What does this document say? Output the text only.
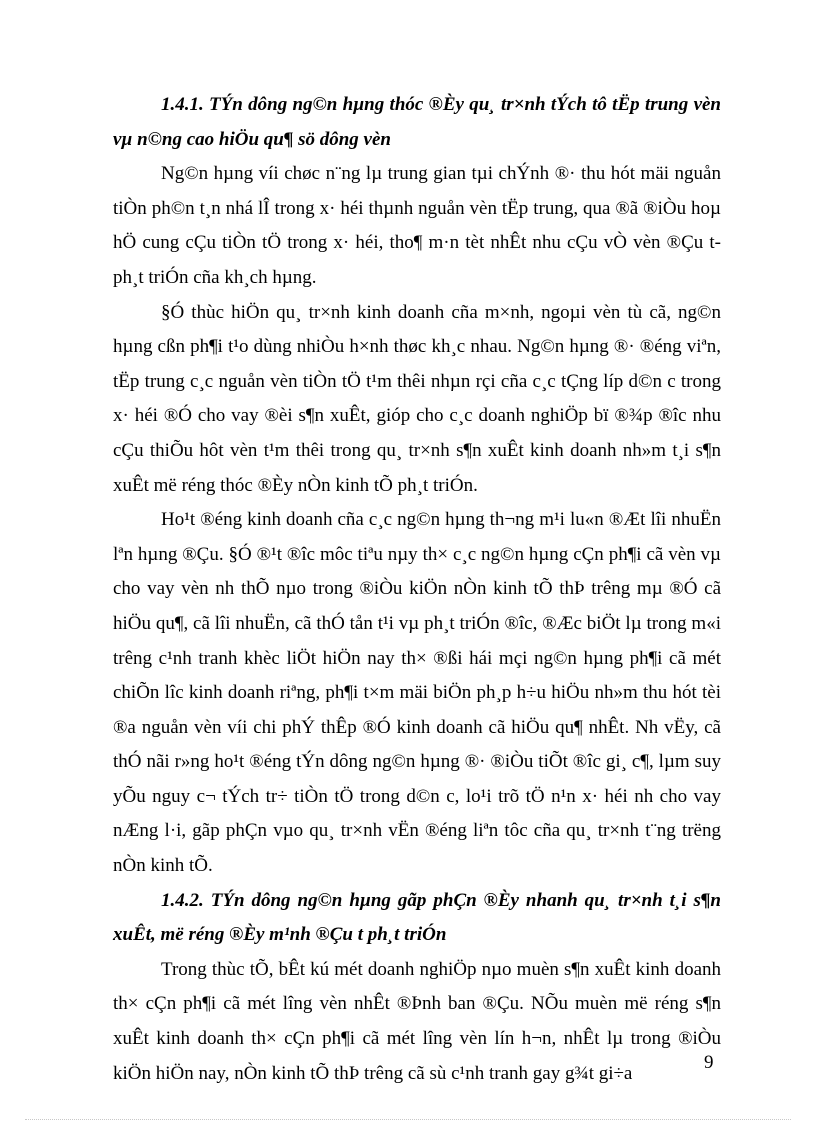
1.4.1. TÝn dông ng©n hµng thóc ®Èy qu¸ tr×nh tÝch tô tËp trung vèn vµ n©ng cao hiÖu qu¶ sö dông vèn

Ng©n hµng víi chøc n¨ng lµ trung gian tµi chÝnh ®· thu hót mäi nguån tiÒn ph©n t¸n nhá lÎ trong x· héi thµnh nguån vèn tËp trung, qua ®ã ®iÒu hoµ hÖ cung cÇu tiÒn tÖ trong x· héi, tho¶ m·n tèt nhÊt nhu cÇu vÒ vèn ®Çu t ph¸t triÓn cña kh¸ch hµng.

§Ó thùc hiÖn qu¸ tr×nh kinh doanh cña m×nh, ngoµi vèn tù cã, ng©n hµng cßn ph¶i t¹o dùng nhiÒu h×nh thøc kh¸c nhau. Ng©n hµng ®· ®éng viªn, tËp trung c¸c nguån vèn tiÒn tÖ t¹m thêi nhµn rçi cña c¸c tÇng líp d©n c trong x· héi ®Ó cho vay ®èi s¶n xuÊt, gióp cho c¸c doanh nghiÖp bï ®¾p ®îc nhu cÇu thiÕu hôt vèn t¹m thêi trong qu¸ tr×nh s¶n xuÊt kinh doanh nh»m t¸i s¶n xuÊt më réng thóc ®Èy nÒn kinh tÕ ph¸t triÓn.

Ho¹t ®éng kinh doanh cña c¸c ng©n hµng th¬ng m¹i lu«n ®Æt lîi nhuËn lªn hµng ®Çu. §Ó ®¹t ®îc môc tiªu nµy th× c¸c ng©n hµng cÇn ph¶i cã vèn vµ cho vay vèn nh thÕ nµo trong ®iÒu kiÖn nÒn kinh tÕ thÞ trêng mµ ®Ó cã hiÖu qu¶, cã lîi nhuËn, cã thÓ tån t¹i vµ ph¸t triÓn ®îc, ®Æc biÖt lµ trong m«i trêng c¹nh tranh khèc liÖt hiÖn nay th× ®ßi hái mçi ng©n hµng ph¶i cã mét chiÕn lîc kinh doanh riªng, ph¶i t×m mäi biÖn ph¸p h÷u hiÖu nh»m thu hót tèi ®a nguån vèn víi chi phÝ thÊp ®Ó kinh doanh cã hiÖu qu¶ nhÊt. Nh vËy, cã thÓ nãi r»ng ho¹t ®éng tÝn dông ng©n hµng ®· ®iÒu tiÕt ®îc gi¸ c¶, lµm suy yÕu nguy c¬ tÝch tr÷ tiÒn tÖ trong d©n c, lo¹i trõ tÖ n¹n x· héi nh cho vay nÆng l·i, gãp phÇn vµo qu¸ tr×nh vËn ®éng liªn tôc cña qu¸ tr×nh t¨ng trëng nÒn kinh tÕ.

1.4.2. TÝn dông ng©n hµng gãp phÇn ®Èy nhanh qu¸ tr×nh t¸i s¶n xuÊt, më réng ®Èy m¹nh ®Çu t ph¸t triÓn

Trong thùc tÕ, bÊt kú mét doanh nghiÖp nµo muèn s¶n xuÊt kinh doanh th× cÇn ph¶i cã mét lîng vèn nhÊt ®Þnh ban ®Çu. NÕu muèn më réng s¶n xuÊt kinh doanh th× cÇn ph¶i cã mét lîng vèn lín h¬n, nhÊt lµ trong ®iÒu kiÖn hiÖn nay, nÒn kinh tÕ thÞ trêng cã sù c¹nh tranh gay g¾t gi÷a

9
